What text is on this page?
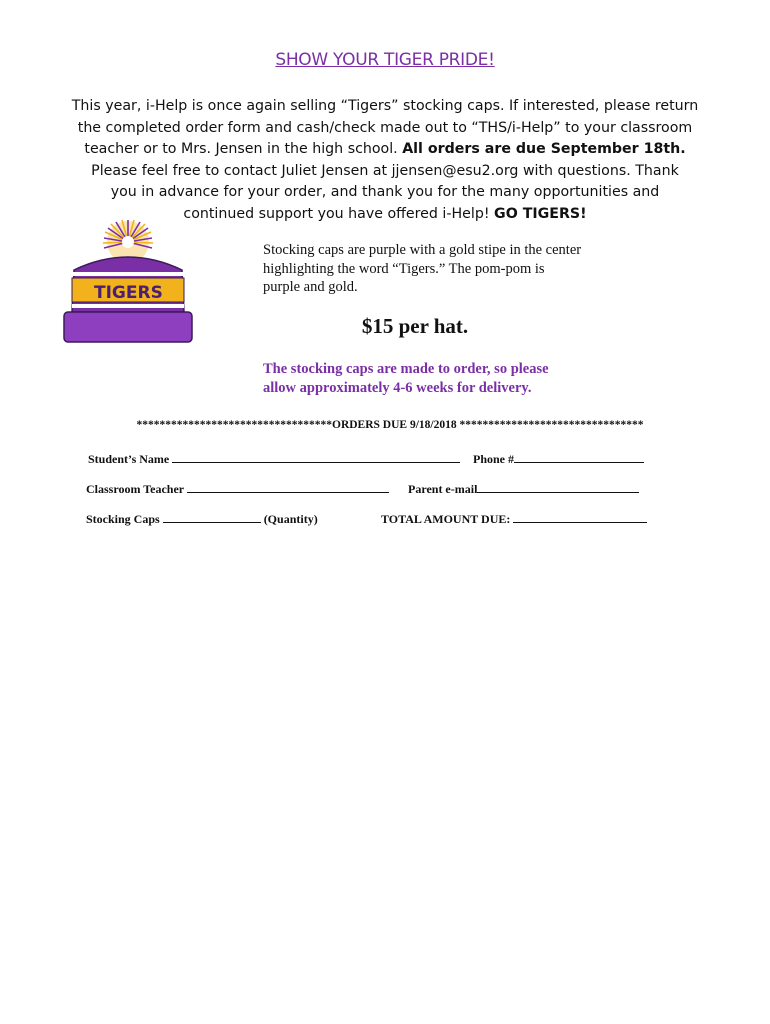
SHOW YOUR TIGER PRIDE!
This year, i-Help is once again selling “Tigers” stocking caps. If interested, please return
the completed order form and cash/check made out to “THS/i-Help” to your classroom
teacher or to Mrs. Jensen in the high school. All orders are due September 18th.
Please feel free to contact Juliet Jensen at jjensen@esu2.org with questions. Thank
you in advance for your order, and thank you for the many opportunities and
continued support you have offered i-Help! GO TIGERS!
TIGERS
Stocking caps are purple with a gold stipe in the center
highlighting the word “Tigers.” The pom-pom is
purple and gold.
$15 per hat.
The stocking caps are made to order, so please
allow approximately 4-6 weeks for delivery.
**********************************ORDERS DUE 9/18/2018 ********************************
Student’s Name	Phone #
Classroom Teacher	Parent e-mail
Stocking Caps	(Quantity)	TOTAL AMOUNT DUE:
